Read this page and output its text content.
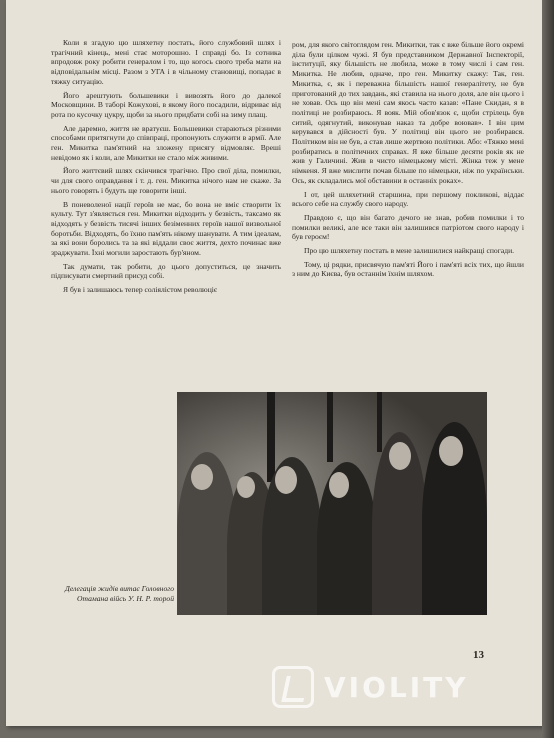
Коли я згадую цю шляхетну постать, його службовий шлях і трагічний кінець, мені стає моторошно. І справді бо. Із сотника впродовж року робити генералом і то, що когось свого треба мати на відповідальнім місці. Разом з УГА і в чільному становищі, попадає в тяжку ситуацію.

Його арештують большевики і вивозять його до далекої Московщини. В таборі Кожухові, в якому його посадили, відриває від рота по кусочку цукру, щоби за нього придбати собі на зиму плащ.

Але даремно, життя не вратуєш. Большевики стараються різними способами притягнути до співпраці, пропонують служити в армії. Але ген. Микитка пам'ятний на зложену присягу відмовляє. Вреші невідомо як і коли, але Микитки не стало між живими.

Його життєвий шлях скінчився трагічно. Про свої діла, помилки, чи для свого оправдання і т. д. ген. Микитка нічого нам не скаже. За нього говорять і будуть ще говорити інші.

В поневоленої нації героїв не має, бо вона не вміє створити їх культу. Тут з'являється ген. Микитки відходить у безвість, таксамо як відходять у безвість тисячі інших безіменних героїв нашої визвольної боротьби. Відходять, бо їхню пам'ять нікому шанувати. А тим ідеалам, за які вони боролись та за які віддали своє життя, дехто починає вже зраджувати. Їхні могили заростають бур'яном.

Так думати, так робити, до цього допуститься, це значить підписувати смертний присуд собі.

Я був і залишаюсь тепер соліялістом революціє

ром, для якого світоглядом ген. Микитки, так є вже більше його окремі діла були цілком чужі. Я був представником Державної Інспекторії, інституції, яку більшість не любила, може в тому числі і сам ген. Микитка. Не любив, одначе, про ген. Микитку скажу: Так, ген. Микитка, є, як і переважна більшість нашої генералітету, не був приготований до тих завдань, які ставила на нього доля, але він цього і не ховав. Ось що він мені сам якось часто казав: «Пане Скидан, я в політиці не розбираюсь. Я вояк. Мій обов'язок є, щоби стрілець був ситий, одягнутий, виконував наказ та добре воював». І він цим керувався в дійсності був. У політиці він цього не розбирався. Політиком він не був, а став лише жертвою політики. Або: «Тяжко мені розбиратись в політичних справах. Я вже більше десяти років як не жив у Галичині. Жив в чисто німецькому місті. Жінка теж у мене німкеня. Я вже мислити почав більше по німецьки, ніж по українськи. Ось, як складались мої обставини в останніх роках».

І от, цей шляхетний старшина, при першому покликові, віддає всього себе на службу свого народу.

Правдою є, що він багато дечого не знав, робив помилки і то помилки великі, але все таки він залишився патріотом свого народу і був героєм!

Про цю шляхетну постать в мене залишилися найкращі спогади.

Тому, ці рядки, присвячую пам'яті Його і пам'яті всіх тих, що йшли з ним до Києва, був останнім їхнім шляхом.

Делегація жидів витає Головного Отамана війсь У. Н. Р. торой
13
VIOLITY
